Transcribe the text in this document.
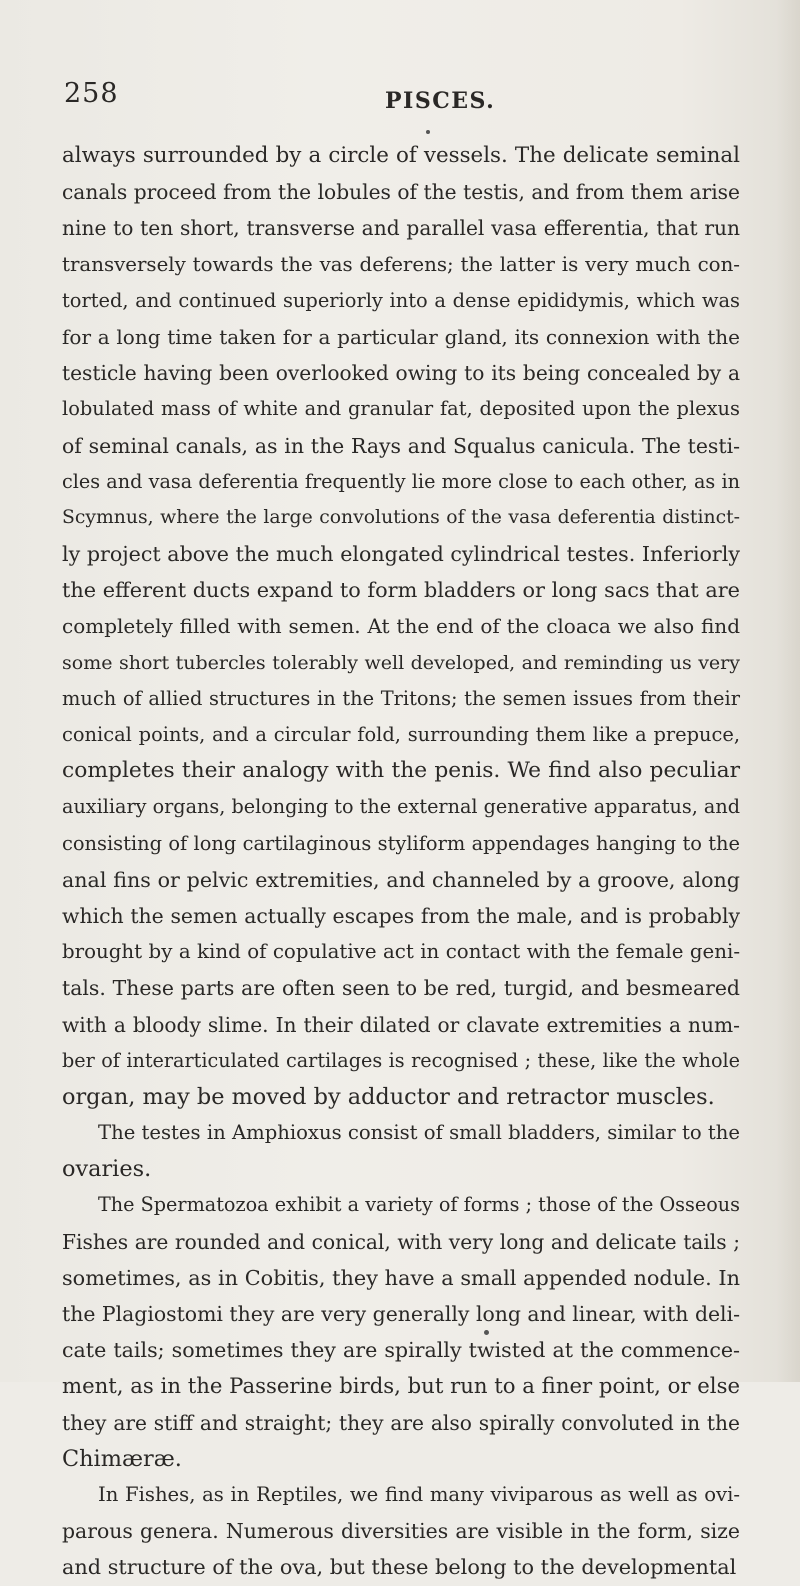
258	PISCES.
always surrounded by a circle of vessels. The delicate seminal
canals proceed from the lobules of the testis, and from them arise
nine to ten short, transverse and parallel vasa efferentia, that run
transversely towards the vas deferens; the latter is very much con-
torted, and continued superiorly into a dense epididymis, which was
for a long time taken for a particular gland, its connexion with the
testicle having been overlooked owing to its being concealed by a
lobulated mass of white and granular fat, deposited upon the plexus
of seminal canals, as in the Rays and Squalus canicula. The testi-
cles and vasa deferentia frequently lie more close to each other, as in
Scymnus, where the large convolutions of the vasa deferentia distinct-
ly project above the much elongated cylindrical testes. Inferiorly
the efferent ducts expand to form bladders or long sacs that are
completely filled with semen. At the end of the cloaca we also find
some short tubercles tolerably well developed, and reminding us very
much of allied structures in the Tritons; the semen issues from their
conical points, and a circular fold, surrounding them like a prepuce,
completes their analogy with the penis. We find also peculiar
auxiliary organs, belonging to the external generative apparatus, and
consisting of long cartilaginous styliform appendages hanging to the
anal fins or pelvic extremities, and channeled by a groove, along
which the semen actually escapes from the male, and is probably
brought by a kind of copulative act in contact with the female geni-
tals. These parts are often seen to be red, turgid, and besmeared
with a bloody slime. In their dilated or clavate extremities a num-
ber of interarticulated cartilages is recognised ; these, like the whole
organ, may be moved by adductor and retractor muscles.
The testes in Amphioxus consist of small bladders, similar to the
ovaries.
The Spermatozoa exhibit a variety of forms ; those of the Osseous
Fishes are rounded and conical, with very long and delicate tails ;
sometimes, as in Cobitis, they have a small appended nodule. In
the Plagiostomi they are very generally long and linear, with deli-
cate tails; sometimes they are spirally twisted at the commence-
ment, as in the Passerine birds, but run to a finer point, or else
they are stiff and straight; they are also spirally convoluted in the
Chimæræ.
In Fishes, as in Reptiles, we find many viviparous as well as ovi-
parous genera. Numerous diversities are visible in the form, size
and structure of the ova, but these belong to the developmental
